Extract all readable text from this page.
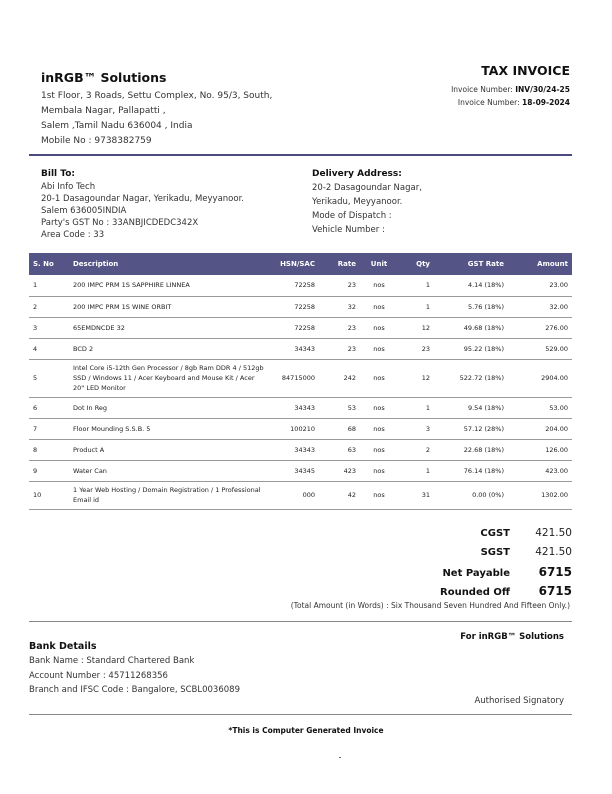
inRGB™ Solutions
1st Floor, 3 Roads, Settu Complex, No. 95/3, South,
Membala Nagar, Pallapatti ,
Salem ,Tamil Nadu 636004 , India
Mobile No : 9738382759
TAX INVOICE
Invoice Number: INV/30/24-25
Invoice Number: 18-09-2024
Bill To:
Abi Info Tech
20-1 Dasagoundar Nagar, Yerikadu, Meyyanoor.
Salem 636005INDIA
Party's GST No : 33ANBJICDEDC342X
Area Code : 33
Delivery Address:
20-2 Dasagoundar Nagar,
Yerikadu, Meyyanoor.
Mode of Dispatch :
Vehicle Number :
S. No	Description	HSN/SAC	Rate	Unit	Qty	GST Rate	Amount
1	200 IMPC PRM 1S SAPPHIRE LINNEA	72258	23	nos	1	4.14 (18%)	23.00
2	200 IMPC PRM 1S WINE ORBIT	72258	32	nos	1	5.76 (18%)	32.00
3	65EMDNCDE 32	72258	23	nos	12	49.68 (18%)	276.00
4	BCD 2	34343	23	nos	23	95.22 (18%)	529.00
5	Intel Core i5-12th Gen Processor / 8gb Ram DDR 4 / 512gb SSD / Windows 11 / Acer Keyboard and Mouse Kit / Acer 20" LED Monitor	84715000	242	nos	12	522.72 (18%)	2904.00
6	Dot In Reg	34343	53	nos	1	9.54 (18%)	53.00
7	Floor Mounding S.S.B. 5	100210	68	nos	3	57.12 (28%)	204.00
8	Product A	34343	63	nos	2	22.68 (18%)	126.00
9	Water Can	34345	423	nos	1	76.14 (18%)	423.00
10	1 Year Web Hosting / Domain Registration / 1 Professional Email id	000	42	nos	31	0.00 (0%)	1302.00
CGST	421.50
SGST	421.50
Net Payable	6715
Rounded Off	6715
(Total Amount (in Words) : Six Thousand Seven Hundred And Fifteen Only.)
For inRGB™ Solutions
Bank Details
Bank Name : Standard Chartered Bank
Account Number : 45711268356
Branch and IFSC Code : Bangalore, SCBL0036089
Authorised Signatory
*This is Computer Generated Invoice
